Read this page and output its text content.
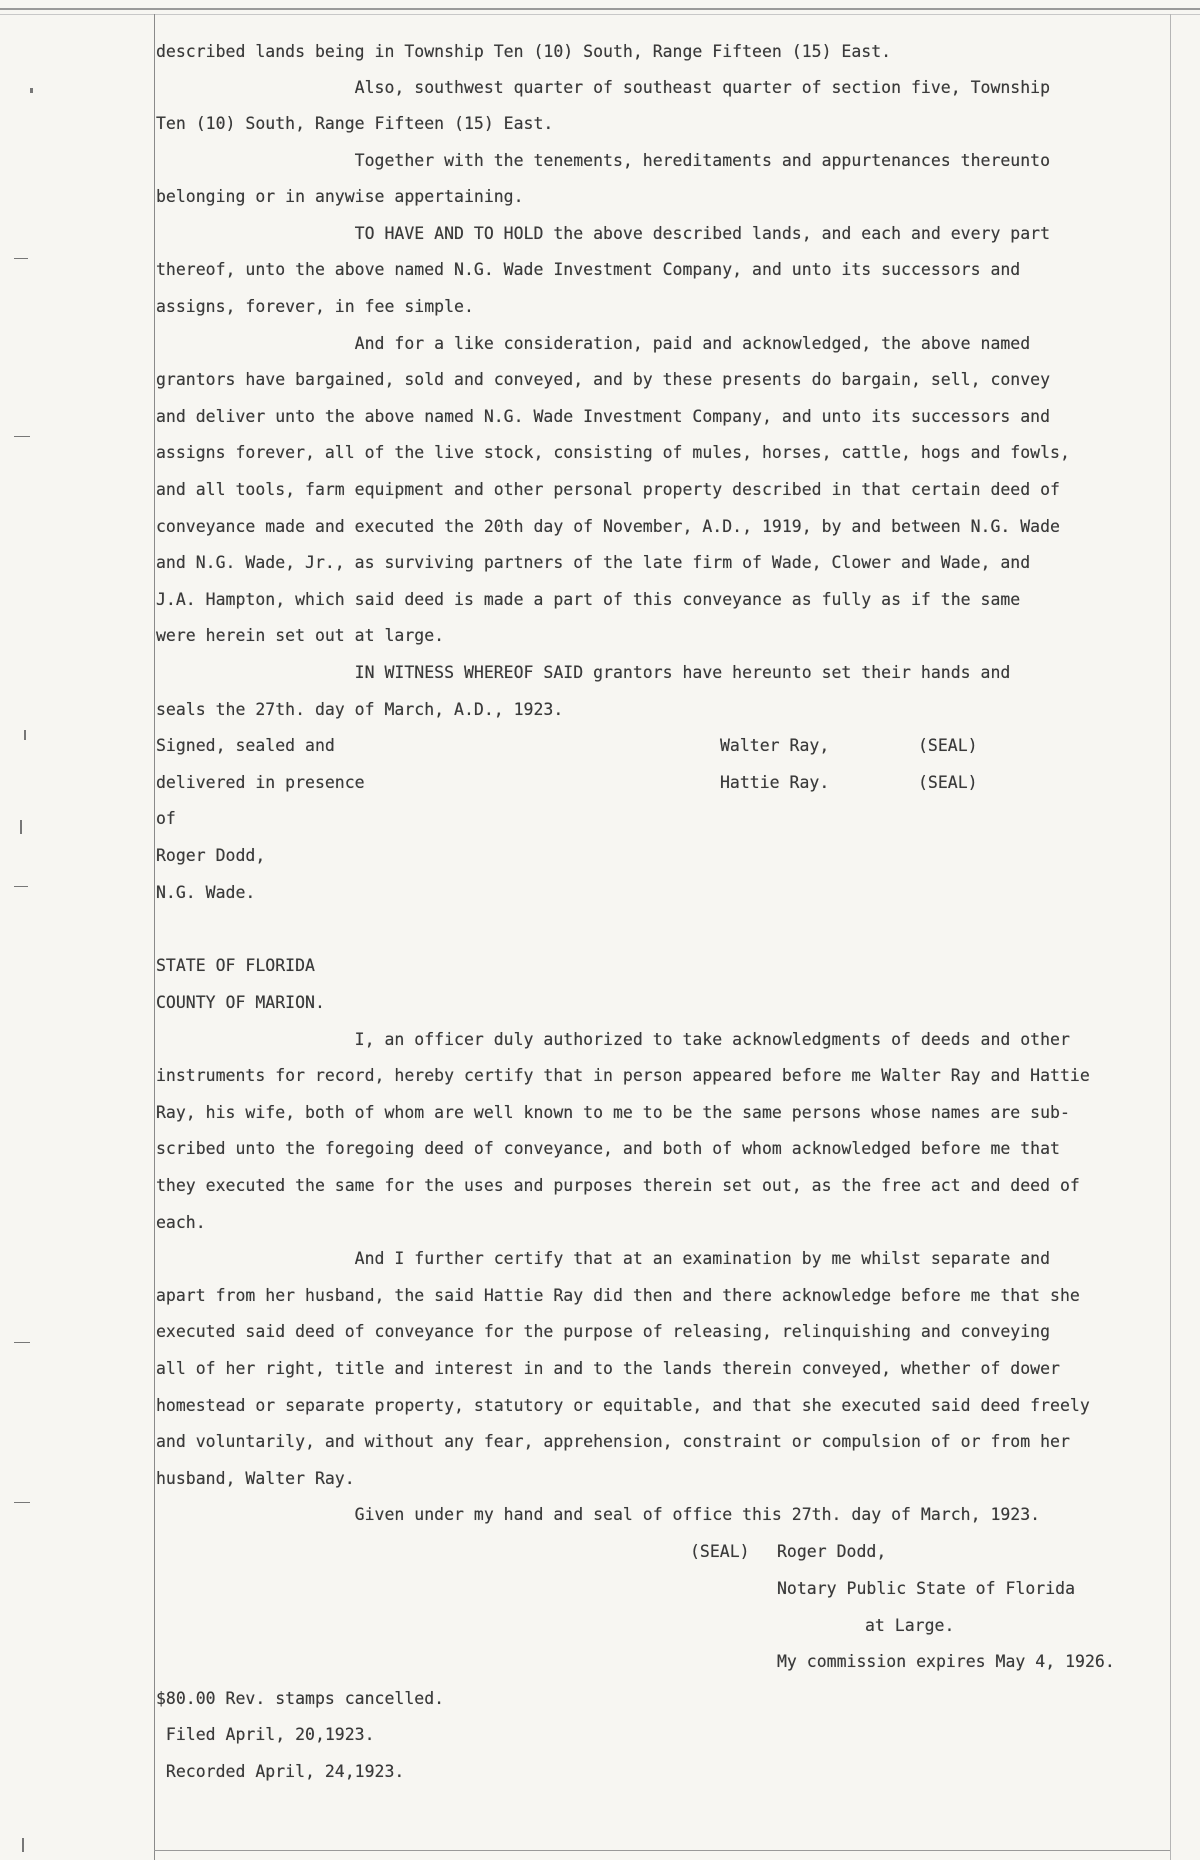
described lands being in Township Ten (10) South, Range Fifteen (15) East.
Also, southwest quarter of southeast quarter of section five, Township
Ten (10) South, Range Fifteen (15) East.
Together with the tenements, hereditaments and appurtenances thereunto
belonging or in anywise appertaining.
TO HAVE AND TO HOLD the above described lands, and each and every part
thereof, unto the above named N.G. Wade Investment Company, and unto its successors and
assigns, forever, in fee simple.
And for a like consideration, paid and acknowledged, the above named
grantors have bargained, sold and conveyed, and by these presents do bargain, sell, convey
and deliver unto the above named N.G. Wade Investment Company, and unto its successors and
assigns forever, all of the live stock, consisting of mules, horses, cattle, hogs and fowls,
and all tools, farm equipment and other personal property described in that certain deed of
conveyance made and executed the 20th day of November, A.D., 1919, by and between N.G. Wade
and N.G. Wade, Jr., as surviving partners of the late firm of Wade, Clower and Wade, and
J.A. Hampton, which said deed is made a part of this conveyance as fully as if the same
were herein set out at large.
IN WITNESS WHEREOF SAID grantors have hereunto set their hands and
seals the 27th. day of March, A.D., 1923.
Signed, sealed and
delivered in presence
of
Roger Dodd,
N.G. Wade.
Walter Ray,	(SEAL)
Hattie Ray.	(SEAL)
STATE OF FLORIDA
COUNTY OF MARION.
I, an officer duly authorized to take acknowledgments of deeds and other
instruments for record, hereby certify that in person appeared before me Walter Ray and Hattie
Ray, his wife, both of whom are well known to me to be the same persons whose names are sub-
scribed unto the foregoing deed of conveyance, and both of whom acknowledged before me that
they executed the same for the uses and purposes therein set out, as the free act and deed of
each.
And I further certify that at an examination by me whilst separate and
apart from her husband, the said Hattie Ray did then and there acknowledge before me that she
executed said deed of conveyance for the purpose of releasing, relinquishing and conveying
all of her right, title and interest in and to the lands therein conveyed, whether of dower
homestead or separate property, statutory or equitable, and that she executed said deed freely
and voluntarily, and without any fear, apprehension, constraint or compulsion of or from her
husband, Walter Ray.
Given under my hand and seal of office this 27th. day of March, 1923.
(SEAL)	Roger Dodd,
Notary Public State of Florida
at Large.
My commission expires May 4, 1926.
$80.00 Rev. stamps cancelled.
Filed April, 20,1923.
Recorded April, 24,1923.
